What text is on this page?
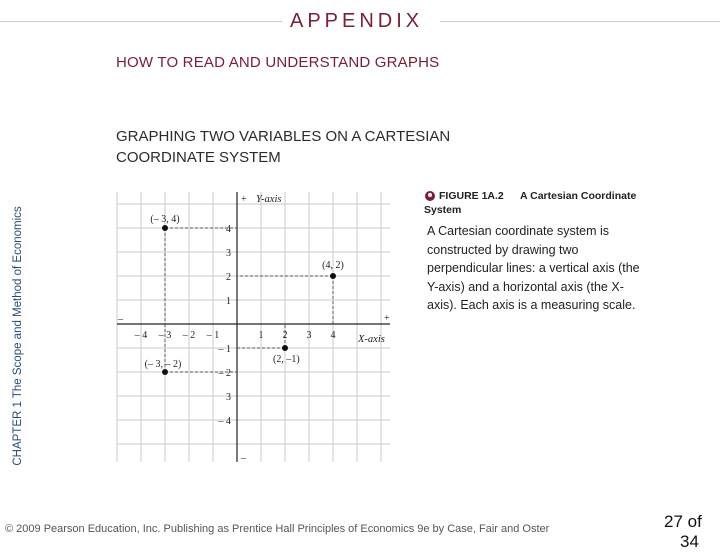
APPENDIX
HOW TO READ AND UNDERSTAND GRAPHS
GRAPHING TWO VARIABLES ON A CARTESIAN
COORDINATE SYSTEM
CHAPTER 1 The Scope and Method of Economics
☻ FIGURE 1A.2 A Cartesian Coordinate
System
A Cartesian coordinate system is constructed by drawing two perpendicular lines: a vertical axis (the Y-axis) and a horizontal axis (the X-axis). Each axis is a measuring scale.
– 4 – 3 – 2 – 1	1 2 3 4
4
3
2
1
– 1
– 2
3
– 4
(– 3, 4)
(4, 2)
(2, –1)
(– 3, – 2)
Y-axis
X-axis
+
+
–
–
© 2009 Pearson Education, Inc. Publishing as Prentice Hall Principles of Economics 9e by Case, Fair and Oster	27 of
34
